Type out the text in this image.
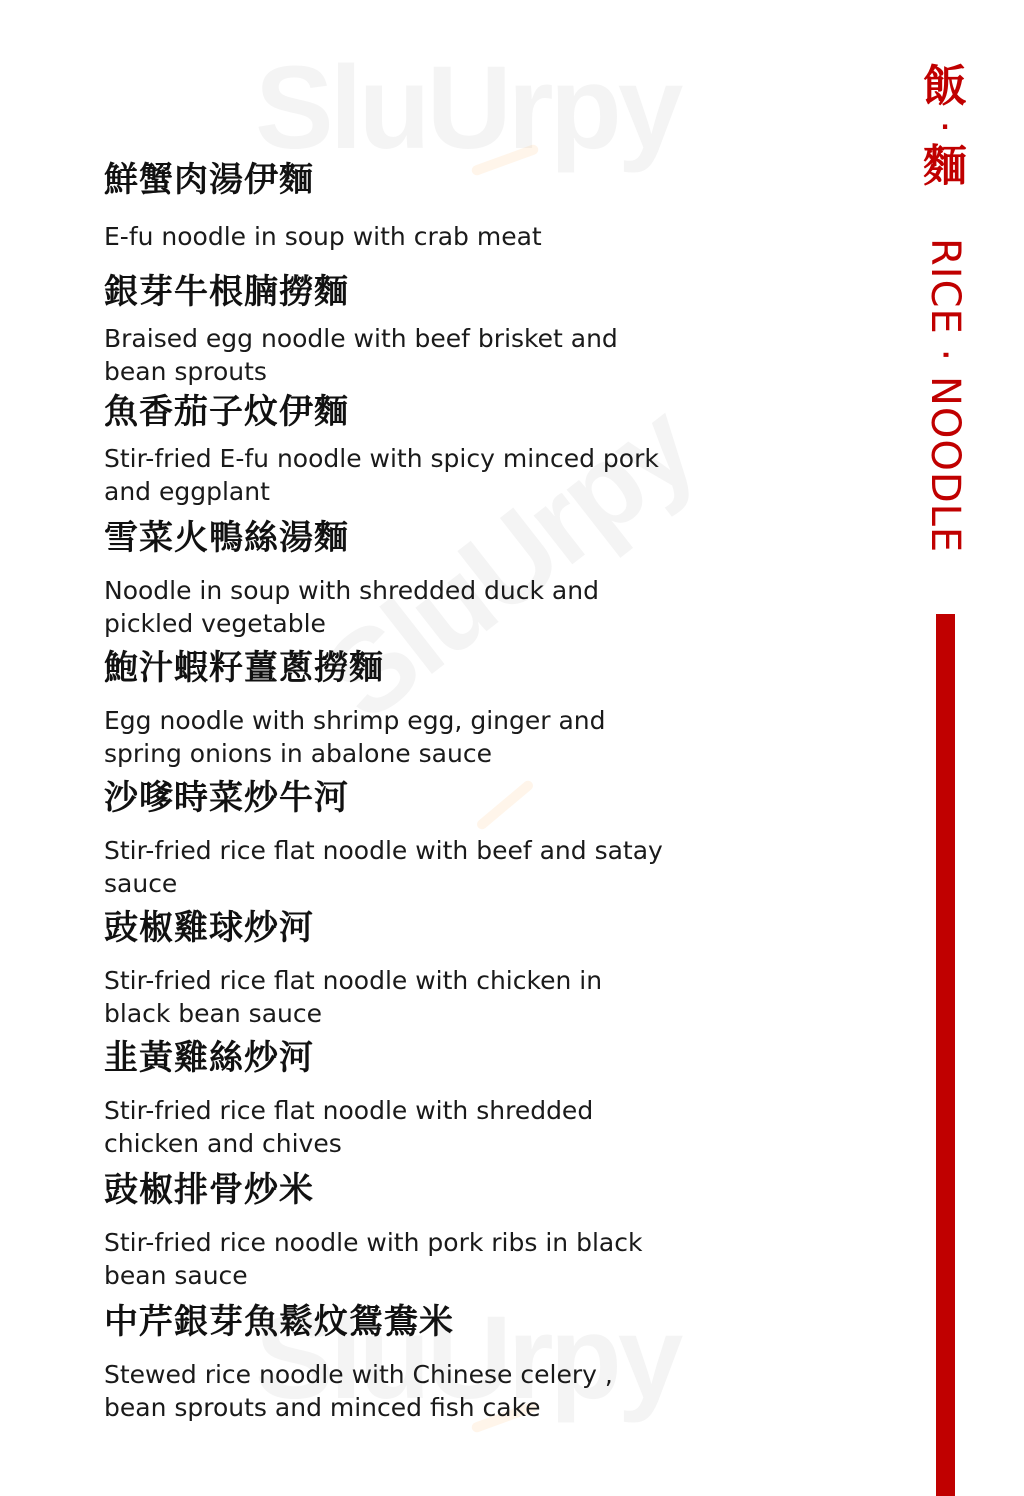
鮮蟹肉湯伊麵
E-fu noodle in soup with crab meat
銀芽牛根腩撈麵
Braised egg noodle with beef brisket and bean sprouts
魚香茄子炆伊麵
Stir-fried E-fu noodle with spicy minced pork and eggplant
雪菜火鴨絲湯麵
Noodle in soup with shredded duck and pickled vegetable
鮑汁蝦籽薑蔥撈麵
Egg noodle with shrimp egg, ginger and spring onions in abalone sauce
沙嗲時菜炒牛河
Stir-fried rice flat noodle with beef and satay sauce
豉椒雞球炒河
Stir-fried rice flat noodle with chicken in black bean sauce
韭黃雞絲炒河
Stir-fried rice flat noodle with shredded chicken and chives
豉椒排骨炒米
Stir-fried rice noodle with pork ribs in black bean sauce
中芹銀芽魚鬆炆鴛鴦米
Stewed rice noodle with Chinese celery , bean sprouts and minced fish cake
飯
·
麵
RICE · NOODLE
